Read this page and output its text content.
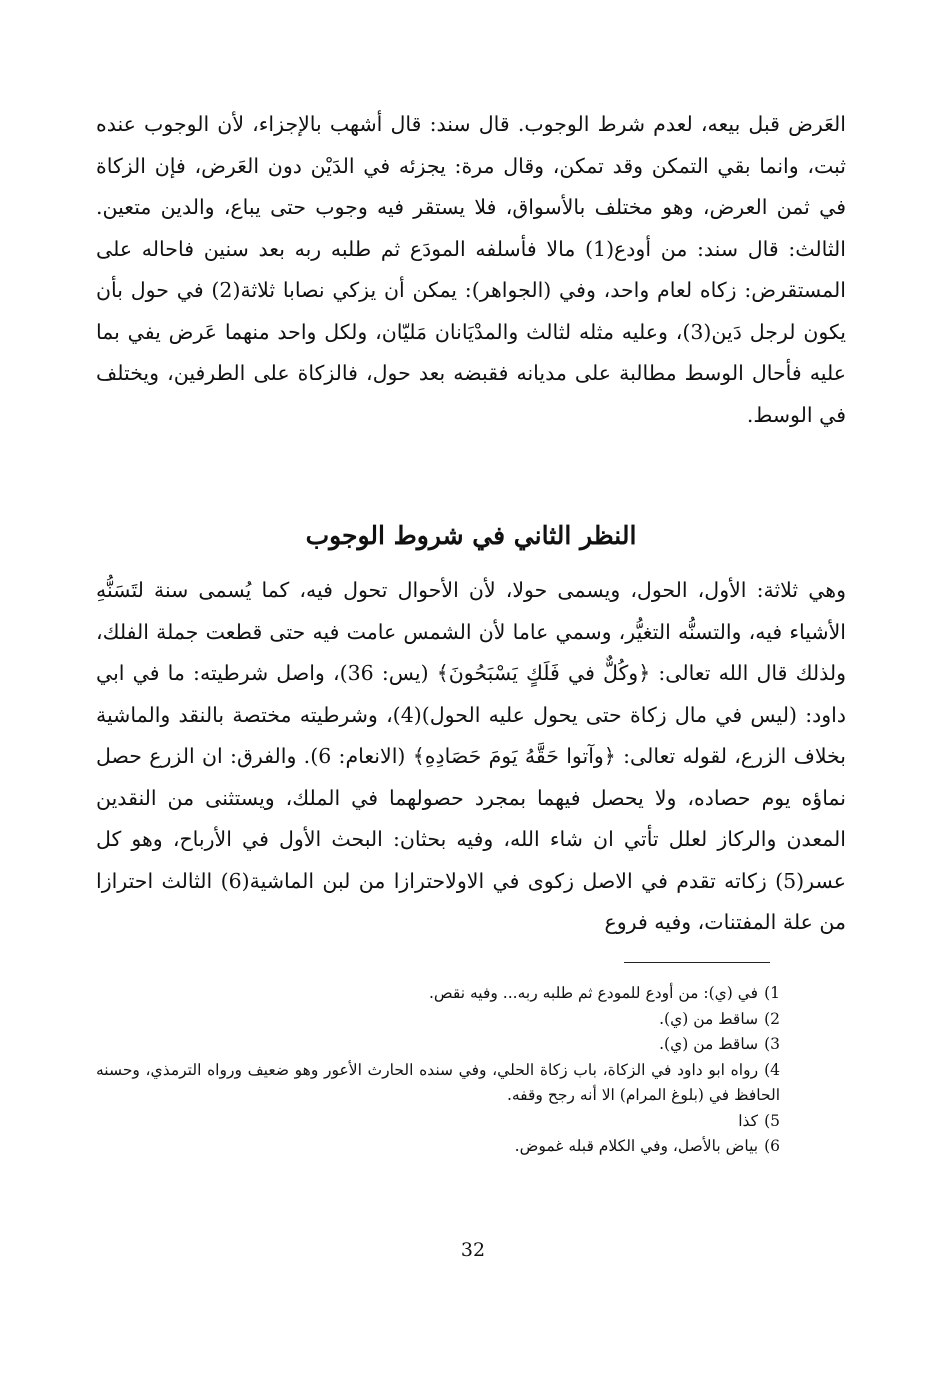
العَرض قبل بيعه، لعدم شرط الوجوب. قال سند: قال أشهب بالإجزاء، لأن الوجوب عنده ثبت، وانما بقي التمكن وقد تمكن، وقال مرة: يجزئه في الدَيْن دون العَرض، فإن الزكاة في ثمن العرض، وهو مختلف بالأسواق، فلا يستقر فيه وجوب حتى يباع، والدين متعين. الثالث: قال سند: من أودع(1) مالا فأسلفه المودَع ثم طلبه ربه بعد سنين فاحاله على المستقرض: زكاه لعام واحد، وفي (الجواهر): يمكن أن يزكي نصابا ثلاثة(2) في حول بأن يكون لرجل دَين(3)، وعليه مثله لثالث والمدْيَانان مَليّان، ولكل واحد منهما عَرض يفي بما عليه فأحال الوسط مطالبة على مديانه فقبضه بعد حول، فالزكاة على الطرفين، ويختلف في الوسط.

النظر الثاني في شروط الوجوب

وهي ثلاثة: الأول، الحول، ويسمى حولا، لأن الأحوال تحول فيه، كما يُسمى سنة لتَسَنُّهِ الأشياء فيه، والتسنُّه التغيُّر، وسمي عاما لأن الشمس عامت فيه حتى قطعت جملة الفلك، ولذلك قال الله تعالى: ﴿وكُلٌّ في فَلَكٍ يَسْبَحُونَ﴾ (يس: 36)، واصل شرطيته: ما في ابي داود: (ليس في مال زكاة حتى يحول عليه الحول)(4)، وشرطيته مختصة بالنقد والماشية بخلاف الزرع، لقوله تعالى: ﴿وآتوا حَقَّهُ يَومَ حَصَادِهِ﴾ (الانعام: 6). والفرق: ان الزرع حصل نماؤه يوم حصاده، ولا يحصل فيهما بمجرد حصولهما في الملك، ويستثنى من النقدين المعدن والركاز لعلل تأتي ان شاء الله، وفيه بحثان: البحث الأول في الأرباح، وهو كل عسر(5) زكاته تقدم في الاصل زكوى في الاولاحترازا من لبن الماشية(6) الثالث احترازا من علة المفتنات، وفيه فروع

1)في (ي): من أودع للمودع ثم طلبه ربه... وفيه نقص.
2)ساقط من (ي).
3)ساقط من (ي).
4)رواه ابو داود في الزكاة، باب زكاة الحلي، وفي سنده الحارث الأعور وهو ضعيف ورواه الترمذي، وحسنه الحافظ في (بلوغ المرام) الا أنه رجح وقفه.
5)كذا
6)بياض بالأصل، وفي الكلام قبله غموض.
32
